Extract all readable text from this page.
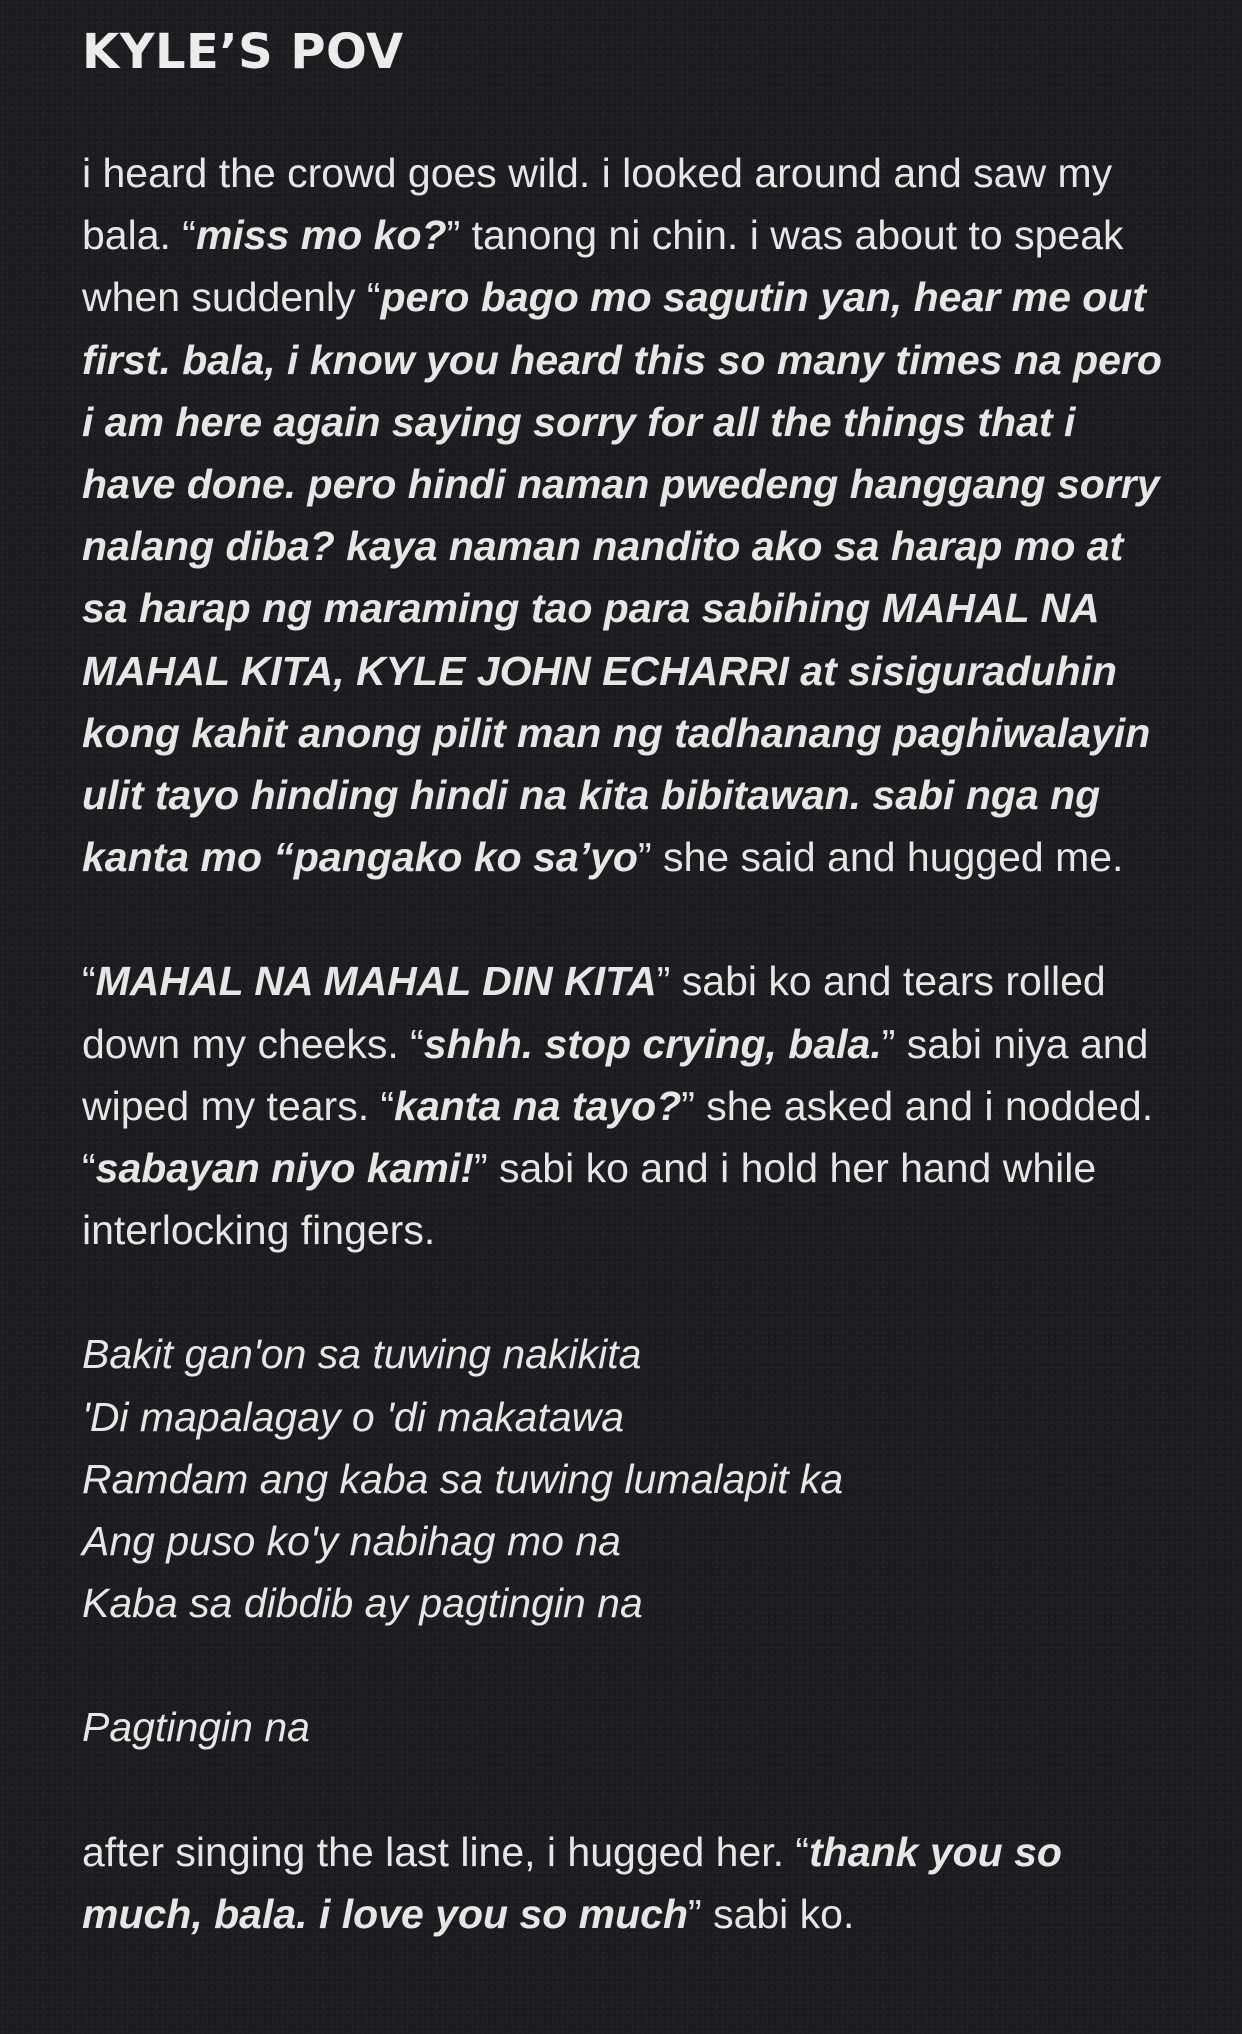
KYLE’S POV

i heard the crowd goes wild. i looked around and saw my bala. “miss mo ko?” tanong ni chin. i was about to speak when suddenly “pero bago mo sagutin yan, hear me out first. bala, i know you heard this so many times na pero i am here again saying sorry for all the things that i have done. pero hindi naman pwedeng hanggang sorry nalang diba? kaya naman nandito ako sa harap mo at sa harap ng maraming tao para sabihing MAHAL NA MAHAL KITA, KYLE JOHN ECHARRI at sisiguraduhin kong kahit anong pilit man ng tadhanang paghiwalayin ulit tayo hinding hindi na kita bibitawan. sabi nga ng kanta mo “pangako ko sa’yo” she said and hugged me.

“MAHAL NA MAHAL DIN KITA” sabi ko and tears rolled down my cheeks. “shhh. stop crying, bala.” sabi niya and wiped my tears. “kanta na tayo?” she asked and i nodded. “sabayan niyo kami!” sabi ko and i hold her hand while interlocking fingers.

Bakit gan'on sa tuwing nakikita

'Di mapalagay o 'di makatawa

Ramdam ang kaba sa tuwing lumalapit ka

Ang puso ko'y nabihag mo na

Kaba sa dibdib ay pagtingin na

Pagtingin na

after singing the last line, i hugged her. “thank you so much, bala. i love you so much” sabi ko.
